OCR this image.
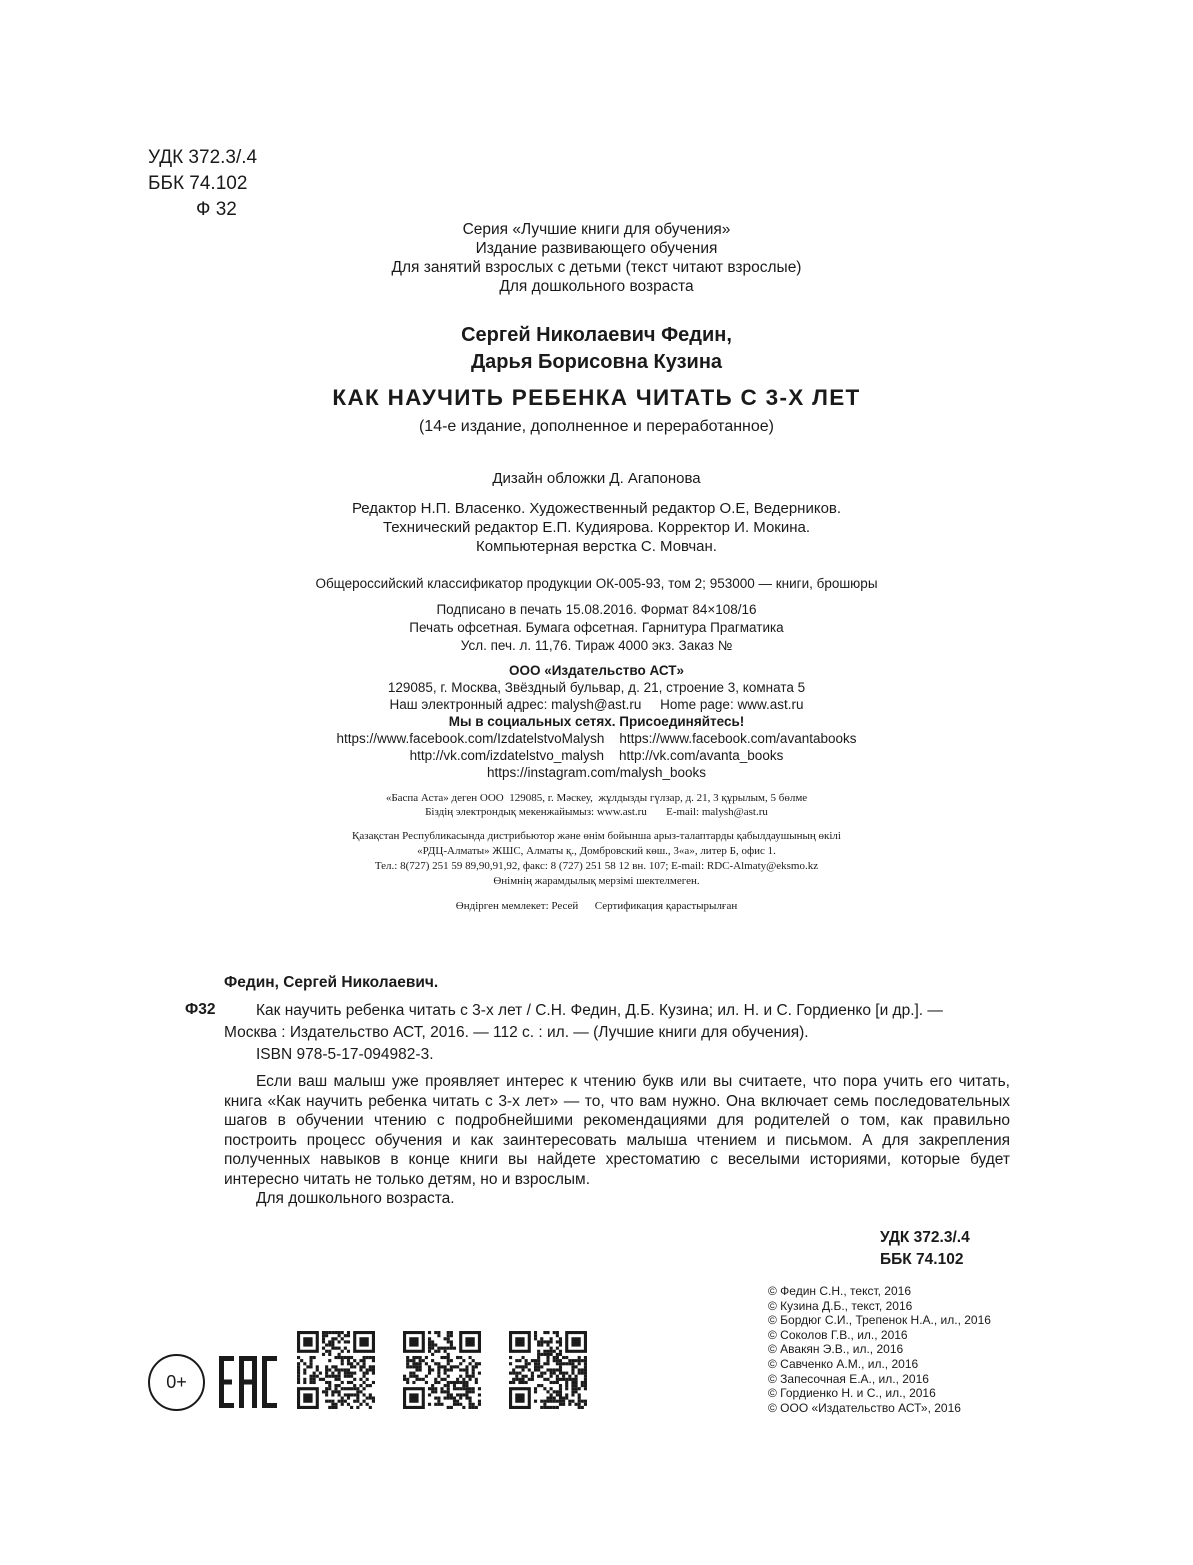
УДК 372.3/.4
ББК 74.102
Ф 32
Серия «Лучшие книги для обучения»
Издание развивающего обучения
Для занятий взрослых с детьми (текст читают взрослые)
Для дошкольного возраста
Сергей Николаевич Федин,
Дарья Борисовна Кузина
КАК НАУЧИТЬ РЕБЕНКА ЧИТАТЬ С 3-Х ЛЕТ
(14-е издание, дополненное и переработанное)
Дизайн обложки Д. Агапонова
Редактор Н.П. Власенко. Художественный редактор О.Е, Ведерников.
Технический редактор Е.П. Кудиярова. Корректор И. Мокина.
Компьютерная верстка С. Мовчан.
Общероссийский классификатор продукции ОК-005-93, том 2; 953000 — книги, брошюры
Подписано в печать 15.08.2016. Формат 84×108/16
Печать офсетная. Бумага офсетная. Гарнитура Прагматика
Усл. печ. л. 11,76. Тираж 4000 экз. Заказ №
ООО «Издательство АСТ»
129085, г. Москва, Звёздный бульвар, д. 21, строение 3, комната 5
Наш электронный адрес: malysh@ast.ru     Home page: www.ast.ru
Мы в социальных сетях. Присоединяйтесь!
https://www.facebook.com/IzdatelstvoMalysh    https://www.facebook.com/avantabooks
http://vk.com/izdatelstvo_malysh    http://vk.com/avanta_books
https://instagram.com/malysh_books
«Баспа Аста» деген ООО  129085, г. Мәскеу,  жұлдызды гүлзар, д. 21, 3 құрылым, 5 бөлме
Біздің электрондық мекенжайымыз: www.ast.ru       E-mail: malysh@ast.ru
Қазақстан Республикасында дистрибьютор және өнім бойынша арыз-талаптарды қабылдаушының өкілі
«РДЦ-Алматы» ЖШС, Алматы қ., Домбровский көш., 3«а», литер Б, офис 1.
Тел.: 8(727) 251 59 89,90,91,92, факс: 8 (727) 251 58 12 вн. 107; E-mail: RDC-Almaty@eksmo.kz
Өнімнің жарамдылық мерзімі шектелмеген.
Өндірген мемлекет: Ресей      Сертификация қарастырылған
Федин, Сергей Николаевич.
Ф32	Как научить ребенка читать с 3-х лет / С.Н. Федин, Д.Б. Кузина; ил. Н. и С. Гордиенко [и др.]. —
Москва : Издательство АСТ, 2016. — 112 с. : ил. — (Лучшие книги для обучения).
ISBN 978-5-17-094982-3.

Если ваш малыш уже проявляет интерес к чтению букв или вы считаете, что пора учить его читать, книга «Как научить ребенка читать с 3-х лет» — то, что вам нужно. Она включает семь последовательных шагов в обучении чтению с подробнейшими рекомендациями для родителей о том, как правильно построить процесс обучения и как заинтересовать малыша чтением и письмом. А для закрепления полученных навыков в конце книги вы найдете хрестоматию с веселыми историями, которые будет интересно читать не только детям, но и взрослым.

Для дошкольного возраста.

УДК 372.3/.4
ББК 74.102
© Федин С.Н., текст, 2016
© Кузина Д.Б., текст, 2016
© Бордюг С.И., Трепенок Н.А., ил., 2016
© Соколов Г.В., ил., 2016
© Авакян Э.В., ил., 2016
© Савченко А.М., ил., 2016
© Запесочная Е.А., ил., 2016
© Гордиенко Н. и С., ил., 2016
© ООО «Издательство АСТ», 2016
0+
